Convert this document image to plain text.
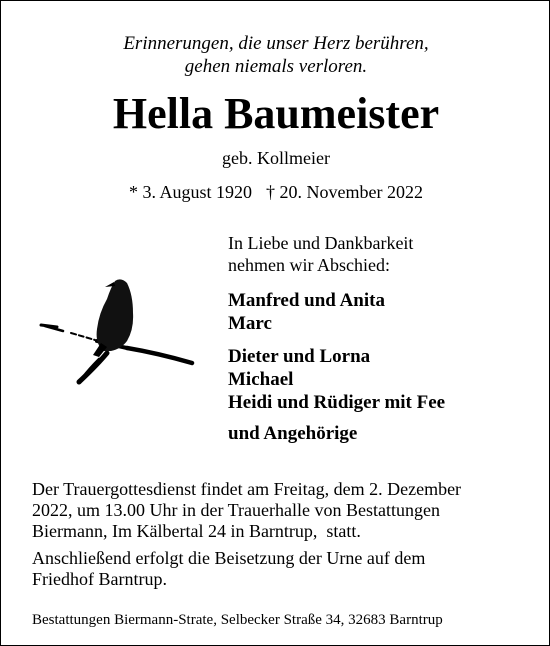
Erinnerungen, die unser Herz berühren,
gehen niemals verloren.
Hella Baumeister
geb. Kollmeier
* 3. August 1920 † 20. November 2022
In Liebe und Dankbarkeit
nehmen wir Abschied:
Manfred und Anita
Marc
Dieter und Lorna
Michael
Heidi und Rüdiger mit Fee
und Angehörige
Der Trauergottesdienst findet am Freitag, dem 2. Dezember
2022, um 13.00 Uhr in der Trauerhalle von Bestattungen
Biermann, Im Kälbertal 24 in Barntrup,  statt.
Anschließend erfolgt die Beisetzung der Urne auf dem
Friedhof Barntrup.
Bestattungen Biermann-Strate, Selbecker Straße 34, 32683 Barntrup
